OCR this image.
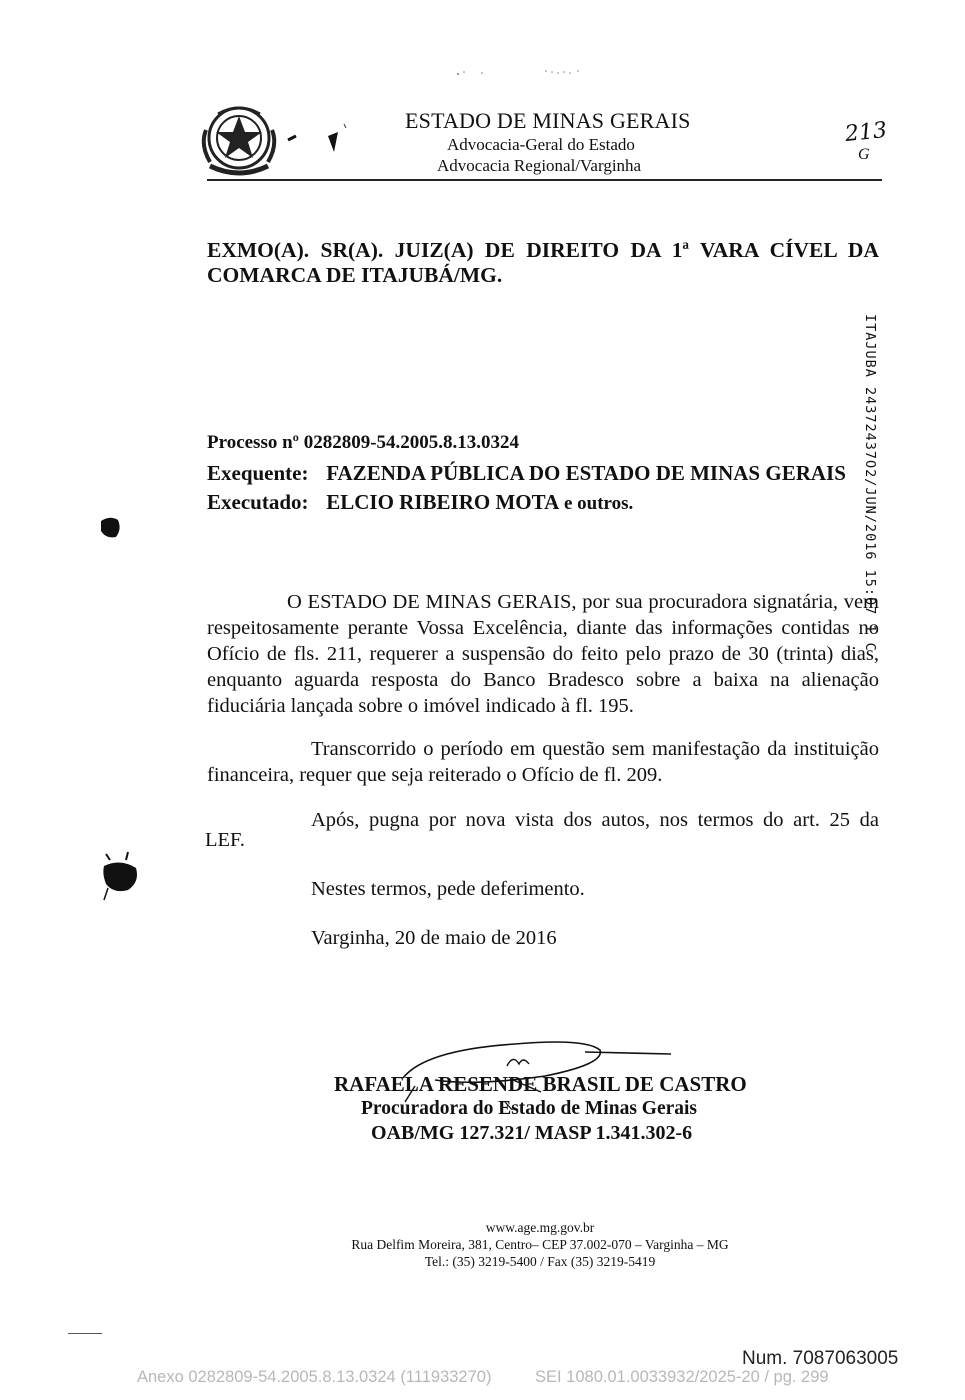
ESTADO DE MINAS GERAIS
Advocacia-Geral do Estado
Advocacia Regional/Varginha
213
G
EXMO(A). SR(A). JUIZ(A) DE DIREITO DA 1ª VARA CÍVEL DA
COMARCA DE ITAJUBÁ/MG.
ITAJUBA 24372437O2/JUN/2016 15:07 1 C
Processo nº 0282809-54.2005.8.13.0324
Exequente: FAZENDA PÚBLICA DO ESTADO DE MINAS GERAIS
Executado: ELCIO RIBEIRO MOTA e outros.
O ESTADO DE MINAS GERAIS, por sua procuradora signatária, vem respeitosamente perante Vossa Excelência, diante das informações contidas no Ofício de fls. 211, requerer a suspensão do feito pelo prazo de 30 (trinta) dias, enquanto aguarda resposta do Banco Bradesco sobre a baixa na alienação fiduciária lançada sobre o imóvel indicado à fl. 195.
Transcorrido o período em questão sem manifestação da instituição financeira, requer que seja reiterado o Ofício de fl. 209.
Após, pugna por nova vista dos autos, nos termos do art. 25 da
LEF.
Nestes termos, pede deferimento.
Varginha, 20 de maio de 2016
RAFAELA RESENDE BRASIL DE CASTRO
Procuradora do Estado de Minas Gerais
OAB/MG 127.321/ MASP 1.341.302-6
www.age.mg.gov.br
Rua Delfim Moreira, 381, Centro– CEP 37.002-070 – Varginha – MG
Tel.: (35) 3219-5400 / Fax (35) 3219-5419
Num. 7087063005
Anexo 0282809-54.2005.8.13.0324 (111933270)	SEI 1080.01.0033932/2025-20 / pg. 299
